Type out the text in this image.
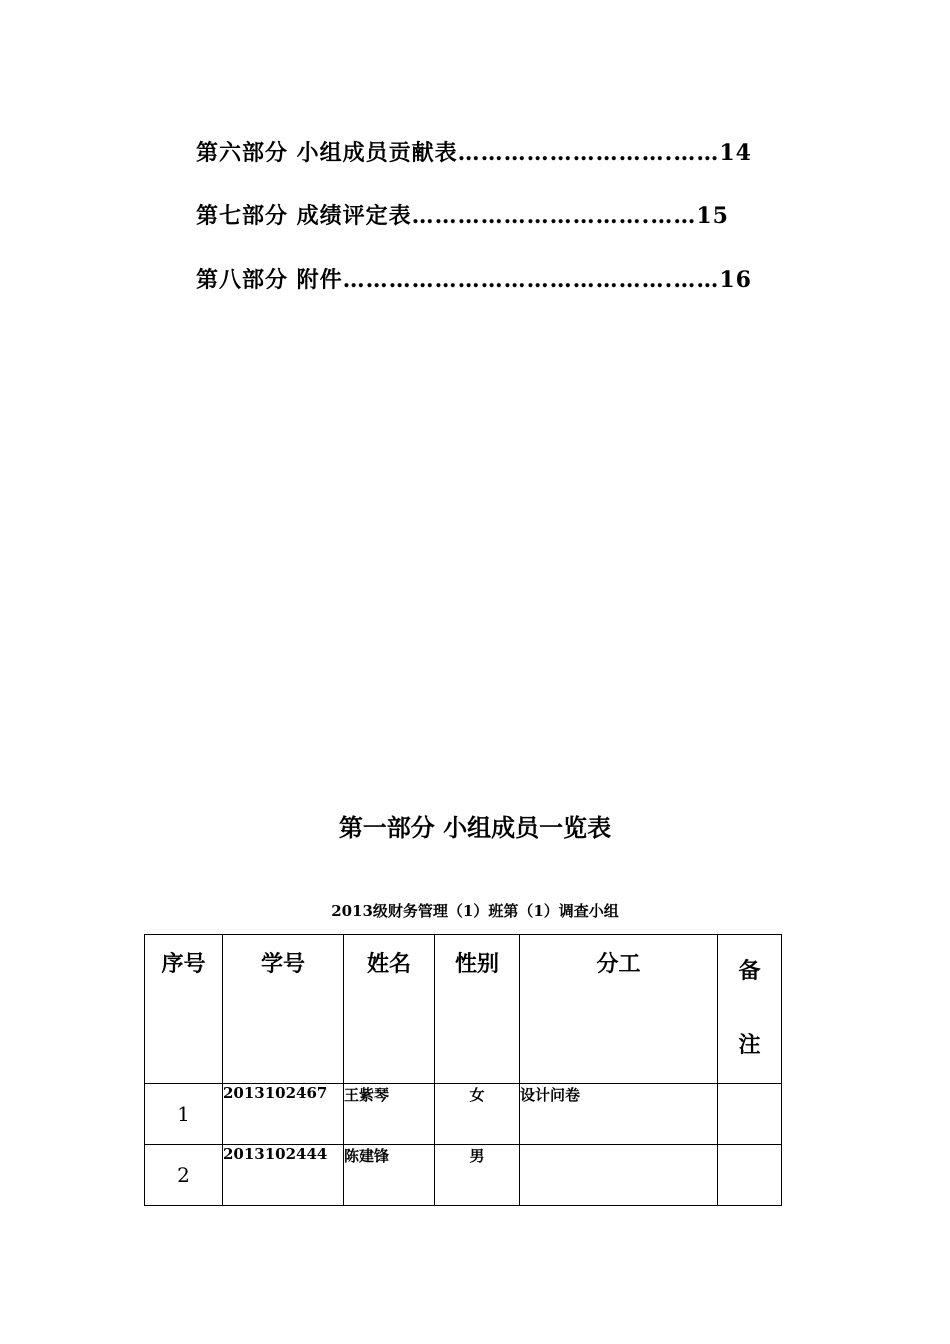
第六部分 小组成员贡献表……………………….……14
第七部分 成绩评定表………………………….……15
第八部分 附件…………………………………….……16
第一部分 小组成员一览表
2013级财务管理（1）班第（1）调查小组
序号	学号	姓名	性别	分工	备
注

1	2013102467	王紫琴	女	设计问卷	
2	2013102444	陈建锋	男		
